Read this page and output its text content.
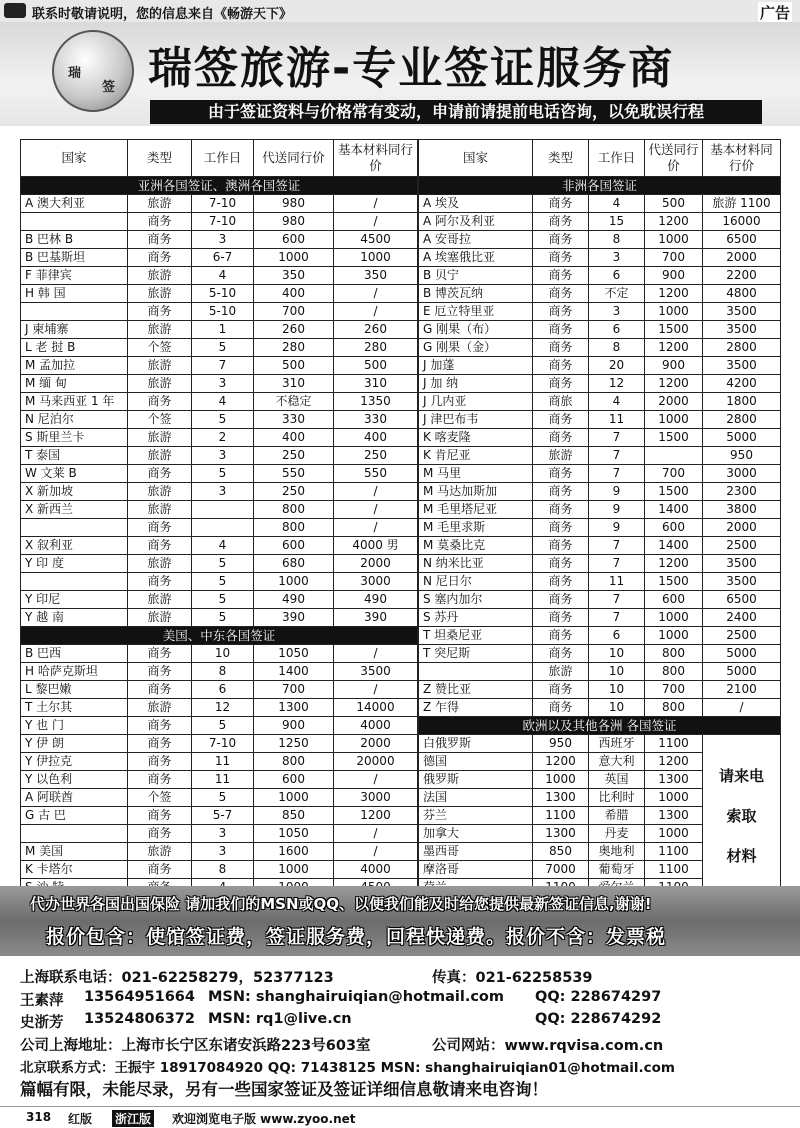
联系时敬请说明，您的信息来自《畅游天下》	广告
瑞
签 瑞签旅游-专业签证服务商
由于签证资料与价格常有变动，申请前请提前电话咨询，以免耽误行程
国家	类型	工作日	代送同行价	基本材料同行价
亚洲各国签证、澳洲各国签证				
A 澳大利亚	旅游	7-10	980	/
	商务	7-10	980	/
B 巴林 B	商务	3	600	4500
B 巴基斯坦	商务	6-7	1000	1000
F 菲律宾	旅游	4	350	350
H 韩 国	旅游	5-10	400	/
	商务	5-10	700	/
J 柬埔寨	旅游	1	260	260
L 老 挝 B	个签	5	280	280
M 孟加拉	旅游	7	500	500
M 缅 甸	旅游	3	310	310
M 马来西亚 1 年	商务	4	不稳定	1350
N 尼泊尔	个签	5	330	330
S 斯里兰卡	旅游	2	400	400
T 泰国	旅游	3	250	250
W 文莱 B	商务	5	550	550
X 新加坡	旅游	3	250	/
X 新西兰	旅游		800	/
	商务		800	/
X 叙利亚	商务	4	600	4000 男
Y 印 度	旅游	5	680	2000
	商务	5	1000	3000
Y 印尼	旅游	5	490	490
Y 越 南	旅游	5	390	390
美国、中东各国签证				
B 巴西	商务	10	1050	/
H 哈萨克斯坦	商务	8	1400	3500
L 黎巴嫩	商务	6	700	/
T 土尔其	旅游	12	1300	14000
Y 也 门	商务	5	900	4000
Y 伊 朗	商务	7-10	1250	2000
Y 伊拉克	商务	11	800	20000
Y 以色利	商务	11	600	/
A 阿联酋	个签	5	1000	3000
G 古 巴	商务	5-7	850	1200
	商务	3	1050	/
M 美国	旅游	3	1600	/
K 卡塔尔	商务	8	1000	4000

国家	类型	工作日	代送同行价	基本材料同行价
非洲各国签证				
A 埃及	商务	4	500	旅游 1100
A 阿尔及利亚	商务	15	1200	16000
A 安哥拉	商务	8	1000	6500
A 埃塞俄比亚	商务	3	700	2000
B 贝宁	商务	6	900	2200
B 博茨瓦纳	商务	不定	1200	4800
E 厄立特里亚	商务	3	1000	3500
G 刚果（布）	商务	6	1500	3500
G 刚果（金）	商务	8	1200	2800
J 加蓬	商务	20	900	3500
J 加 纳	商务	12	1200	4200
J 几内亚	商旅	4	2000	1800
J 津巴布韦	商务	11	1000	2800
K 喀麦隆	商务	7	1500	5000
K 肯尼亚	旅游	7		950
M 马里	商务	7	700	3000
M 马达加斯加	商务	9	1500	2300
M 毛里塔尼亚	商务	9	1400	3800
M 毛里求斯	商务	9	600	2000
M 莫桑比克	商务	7	1400	2500
N 纳米比亚	商务	7	1200	3500
N 尼日尔	商务	11	1500	3500
S 塞内加尔	商务	7	600	6500
S 苏丹	商务	7	1000	2400
T 坦桑尼亚	商务	6	1000	2500
T 突尼斯	商务	10	800	5000
	旅游	10	800	5000
Z 赞比亚	商务	10	700	2100
Z 乍得	商务	10	800	/
欧洲以及其他各洲 各国签证				
白俄罗斯	950	西班牙	1100	请来电
索取
材料

德国	1200	意大利	1200	
俄罗斯	1000	英国	1300	
法国	1300	比利时	1000	
芬兰	1100	希腊	1300	
加拿大	1300	丹麦	1000	
墨西哥	850	奥地利	1100	
摩洛哥	7000	葡萄牙	1100	

代办世界各国出国保险 请加我们的MSN或QQ、以便我们能及时给您提供最新签证信息,谢谢!
报价包含：使馆签证费，签证服务费，回程快递费。报价不含：发票税
上海联系电话：021-62258279，52377123	传真：021-62258539
王素萍 13564951664 MSN: shanghairuiqian@hotmail.com QQ: 228674297
史浙芳 13524806372 MSN: rq1@live.cn	QQ: 228674292
公司上海地址：上海市长宁区东诸安浜路223号603室	公司网站：www.rqvisa.com.cn
北京联系方式：王振宇 18917084920 QQ: 71438125 MSN: shanghairuiqian01@hotmail.com
篇幅有限，未能尽录，另有一些国家签证及签证详细信息敬请来电咨询！
318 红版 浙江版 欢迎浏览电子版 www.zyoo.net
